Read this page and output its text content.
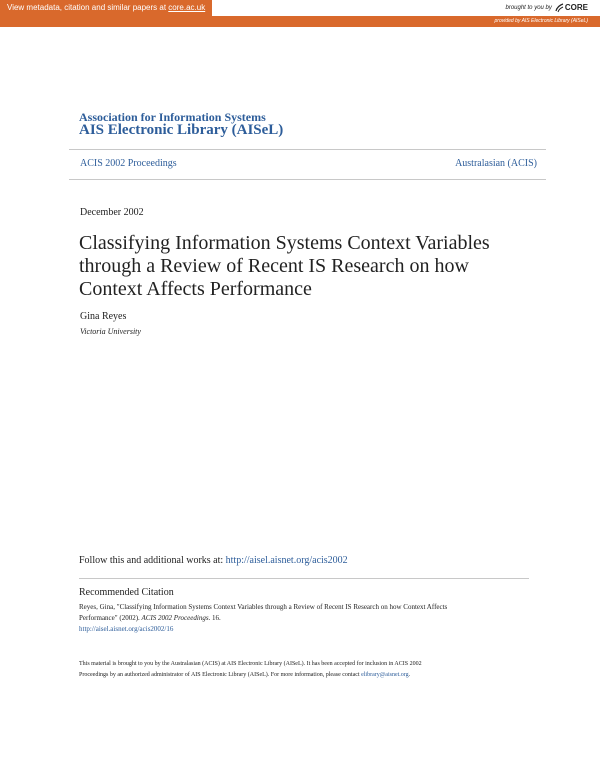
View metadata, citation and similar papers at core.ac.uk	brought to you by CORE
provided by AIS Electronic Library (AISeL)
Association for Information Systems
AIS Electronic Library (AISeL)
ACIS 2002 Proceedings	Australasian (ACIS)
December 2002
Classifying Information Systems Context Variables
through a Review of Recent IS Research on how
Context Affects Performance
Gina Reyes
Victoria University
Follow this and additional works at: http://aisel.aisnet.org/acis2002
Recommended Citation
Reyes, Gina, "Classifying Information Systems Context Variables through a Review of Recent IS Research on how Context Affects
Performance" (2002). ACIS 2002 Proceedings. 16.
http://aisel.aisnet.org/acis2002/16
This material is brought to you by the Australasian (ACIS) at AIS Electronic Library (AISeL). It has been accepted for inclusion in ACIS 2002
Proceedings by an authorized administrator of AIS Electronic Library (AISeL). For more information, please contact elibrary@aisnet.org.
